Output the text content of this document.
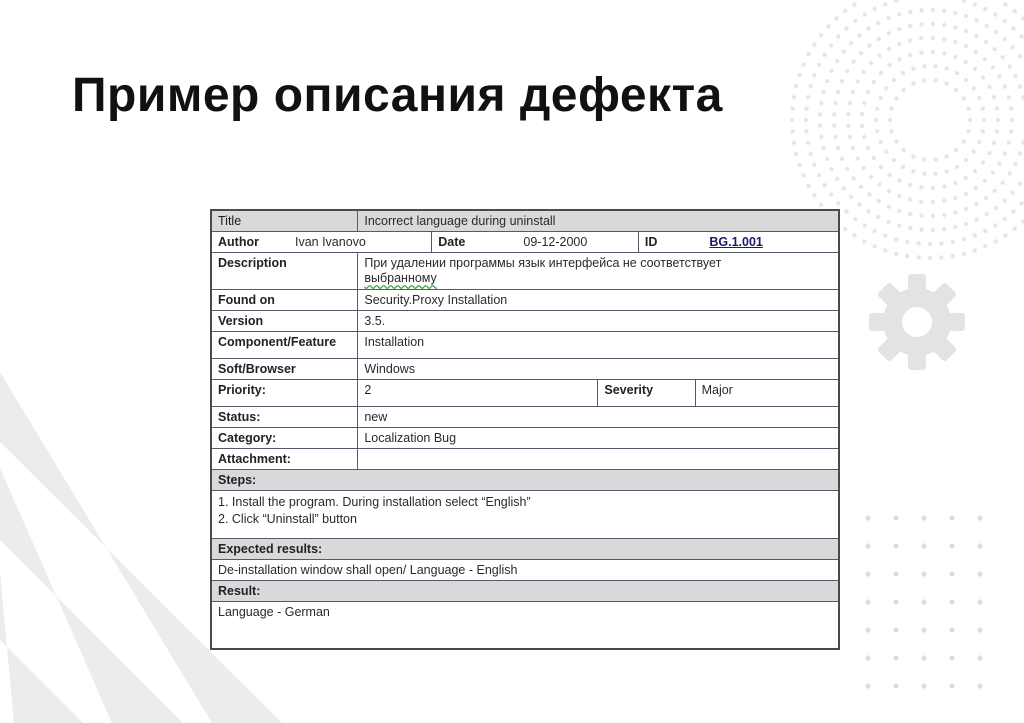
Пример описания дефекта
Title	Incorrect language during uninstall				
Author Ivan Ivanovo		Date 09-12-2000		ID BG.1.001	
Description	При удалении программы язык интерфейса не соответствует
выбранному				

Found on	Security.Proxy Installation				
Version	3.5.				
Component/Feature	Installation				
Soft/Browser	Windows				
Priority:	2		Severity		Major
Status:	new				
Category:	Localization Bug				
Attachment:					
Steps:					

1. Install the program. During installation select “English”
2. Click “Uninstall” button					

Expected results:					
De-installation window shall open/ Language - English					
Result:					
Language - German					
